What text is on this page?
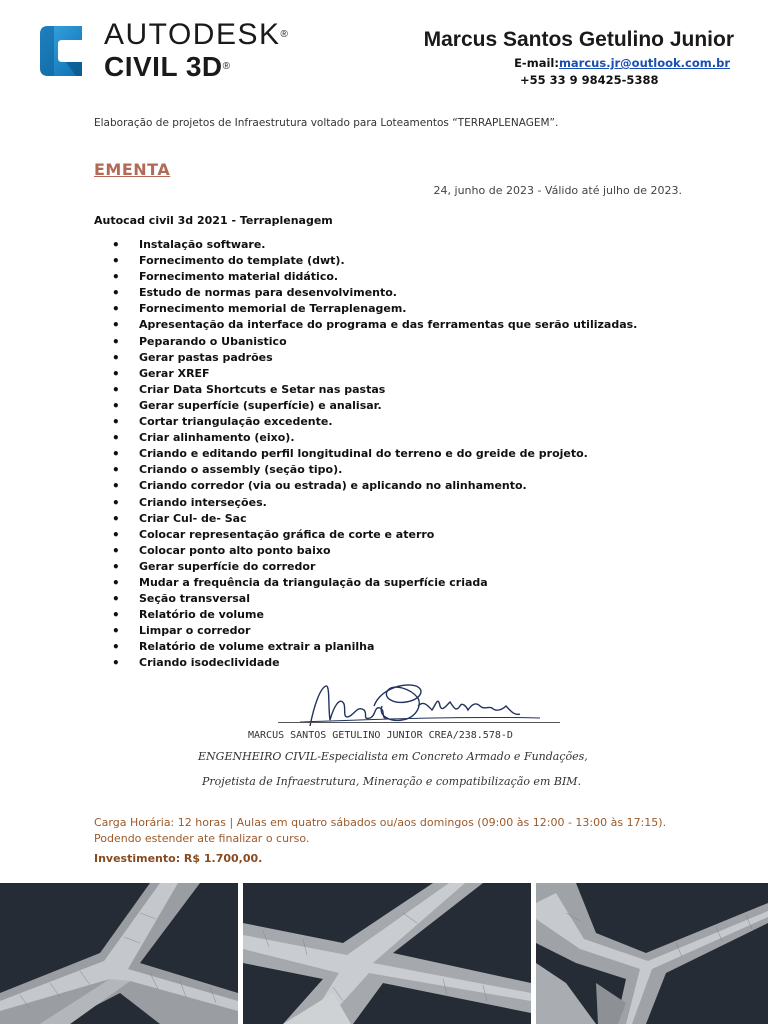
AUTODESK®
CIVIL 3D®
Marcus Santos Getulino Junior
E-mail:marcus.jr@outlook.com.br
+55 33 9 98425-5388
Elaboração de projetos de Infraestrutura voltado para Loteamentos “TERRAPLENAGEM”.
EMENTA
24, junho de 2023 - Válido até julho de 2023.
Autocad civil 3d 2021 - Terraplenagem
• Instalação software.
• Fornecimento do template (dwt).
• Fornecimento material didático.
• Estudo de normas para desenvolvimento.
• Fornecimento memorial de Terraplenagem.
• Apresentação da interface do programa e das ferramentas que serão utilizadas.
• Peparando o Ubanistico
• Gerar pastas padrões
• Gerar XREF
• Criar Data Shortcuts e Setar nas pastas
• Gerar superfície (superfície) e analisar.
• Cortar triangulação excedente.
• Criar alinhamento (eixo).
• Criando e editando perfil longitudinal do terreno e do greide de projeto.
• Criando o assembly (seção tipo).
• Criando corredor (via ou estrada) e aplicando no alinhamento.
• Criando interseções.
• Criar Cul- de- Sac
• Colocar representação gráfica de corte e aterro
• Colocar ponto alto ponto baixo
• Gerar superfície do corredor
• Mudar a frequência da triangulação da superfície criada
• Seção transversal
• Relatório de volume
• Limpar o corredor
• Relatório de volume extrair a planilha
• Criando isodeclividade
MARCUS SANTOS GETULINO JUNIOR CREA/238.578-D
ENGENHEIRO CIVIL-Especialista em Concreto Armado e Fundações,
Projetista de Infraestrutura, Mineração e compatibilização em BIM.
Carga Horária: 12 horas | Aulas em quatro sábados ou/aos domingos (09:00 às 12:00 - 13:00 às 17:15).
Podendo estender ate finalizar o curso.
Investimento: R$ 1.700,00.
